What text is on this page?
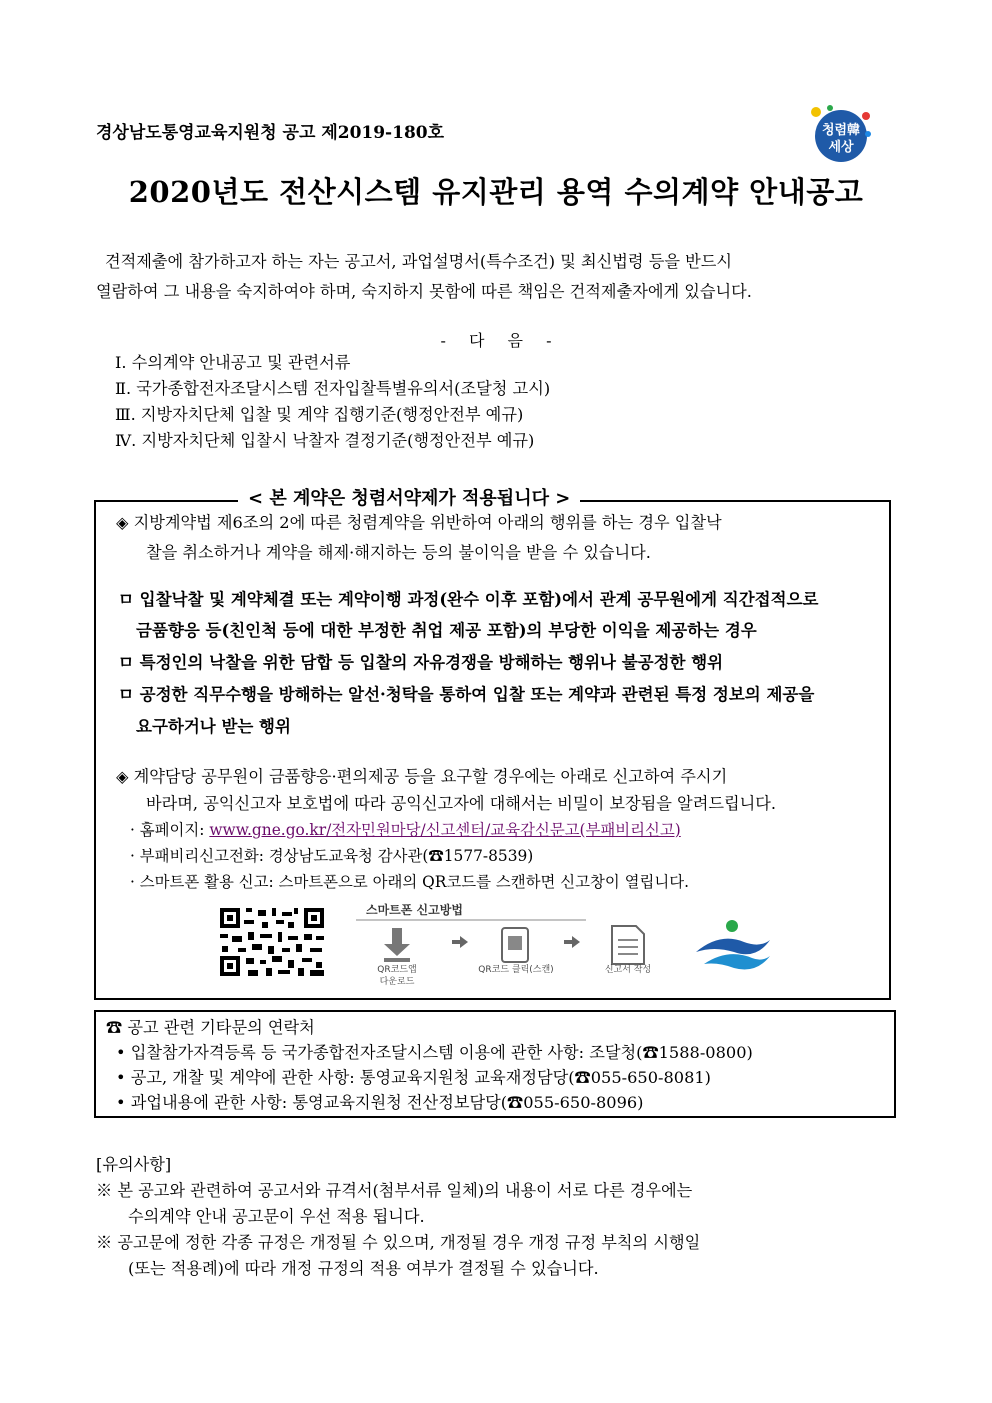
경상남도통영교육지원청 공고 제2019-180호	청렴韓
세상
2020년도 전산시스템 유지관리 용역 수의계약 안내공고
견적제출에 참가하고자 하는 자는 공고서, 과업설명서(특수조건) 및 최신법령 등을 반드시
열람하여 그 내용을 숙지하여야 하며, 숙지하지 못함에 따른 책임은 건적제출자에게 있습니다.
- 다 음 -
Ⅰ. 수의계약 안내공고 및 관련서류
Ⅱ. 국가종합전자조달시스템 전자입찰특별유의서(조달청 고시)
Ⅲ. 지방자치단체 입찰 및 계약 집행기준(행정안전부 예규)
Ⅳ. 지방자치단체 입찰시 낙찰자 결정기준(행정안전부 예규)
< 본 계약은 청렴서약제가 적용됩니다 >
◈ 지방계약법 제6조의 2에 따른 청렴계약을 위반하여 아래의 행위를 하는 경우 입찰낙
찰을 취소하거나 계약을 해제·해지하는 등의 불이익을 받을 수 있습니다.
ㅁ 입찰낙찰 및 계약체결 또는 계약이행 과정(완수 이후 포함)에서 관계 공무원에게 직간접적으로
금품향응 등(친인척 등에 대한 부정한 취업 제공 포함)의 부당한 이익을 제공하는 경우
ㅁ 특정인의 낙찰을 위한 담합 등 입찰의 자유경쟁을 방해하는 행위나 불공정한 행위
ㅁ 공정한 직무수행을 방해하는 알선·청탁을 통하여 입찰 또는 계약과 관련된 특정 정보의 제공을
요구하거나 받는 행위
◈ 계약담당 공무원이 금품향응·편의제공 등을 요구할 경우에는 아래로 신고하여 주시기
바라며, 공익신고자 보호법에 따라 공익신고자에 대해서는 비밀이 보장됨을 알려드립니다.
· 홈페이지: www.gne.go.kr/전자민원마당/신고센터/교육감신문고(부패비리신고)
· 부패비리신고전화: 경상남도교육청 감사관(☎1577-8539)
· 스마트폰 활용 신고: 스마트폰으로 아래의 QR코드를 스캔하면 신고창이 열립니다.
스마트폰 신고방법
QR코드앱
다운로드
QR코드 클릭(스캔)	신고서 작성
☎ 공고 관련 기타문의 연락처
• 입찰참가자격등록 등 국가종합전자조달시스템 이용에 관한 사항: 조달청(☎1588-0800)
• 공고, 개찰 및 계약에 관한 사항: 통영교육지원청 교육재정담당(☎055-650-8081)
• 과업내용에 관한 사항: 통영교육지원청 전산정보담당(☎055-650-8096)
[유의사항]
※ 본 공고와 관련하여 공고서와 규격서(첨부서류 일체)의 내용이 서로 다른 경우에는
수의계약 안내 공고문이 우선 적용 됩니다.
※ 공고문에 정한 각종 규정은 개정될 수 있으며, 개정될 경우 개정 규정 부칙의 시행일
(또는 적용례)에 따라 개정 규정의 적용 여부가 결정될 수 있습니다.
